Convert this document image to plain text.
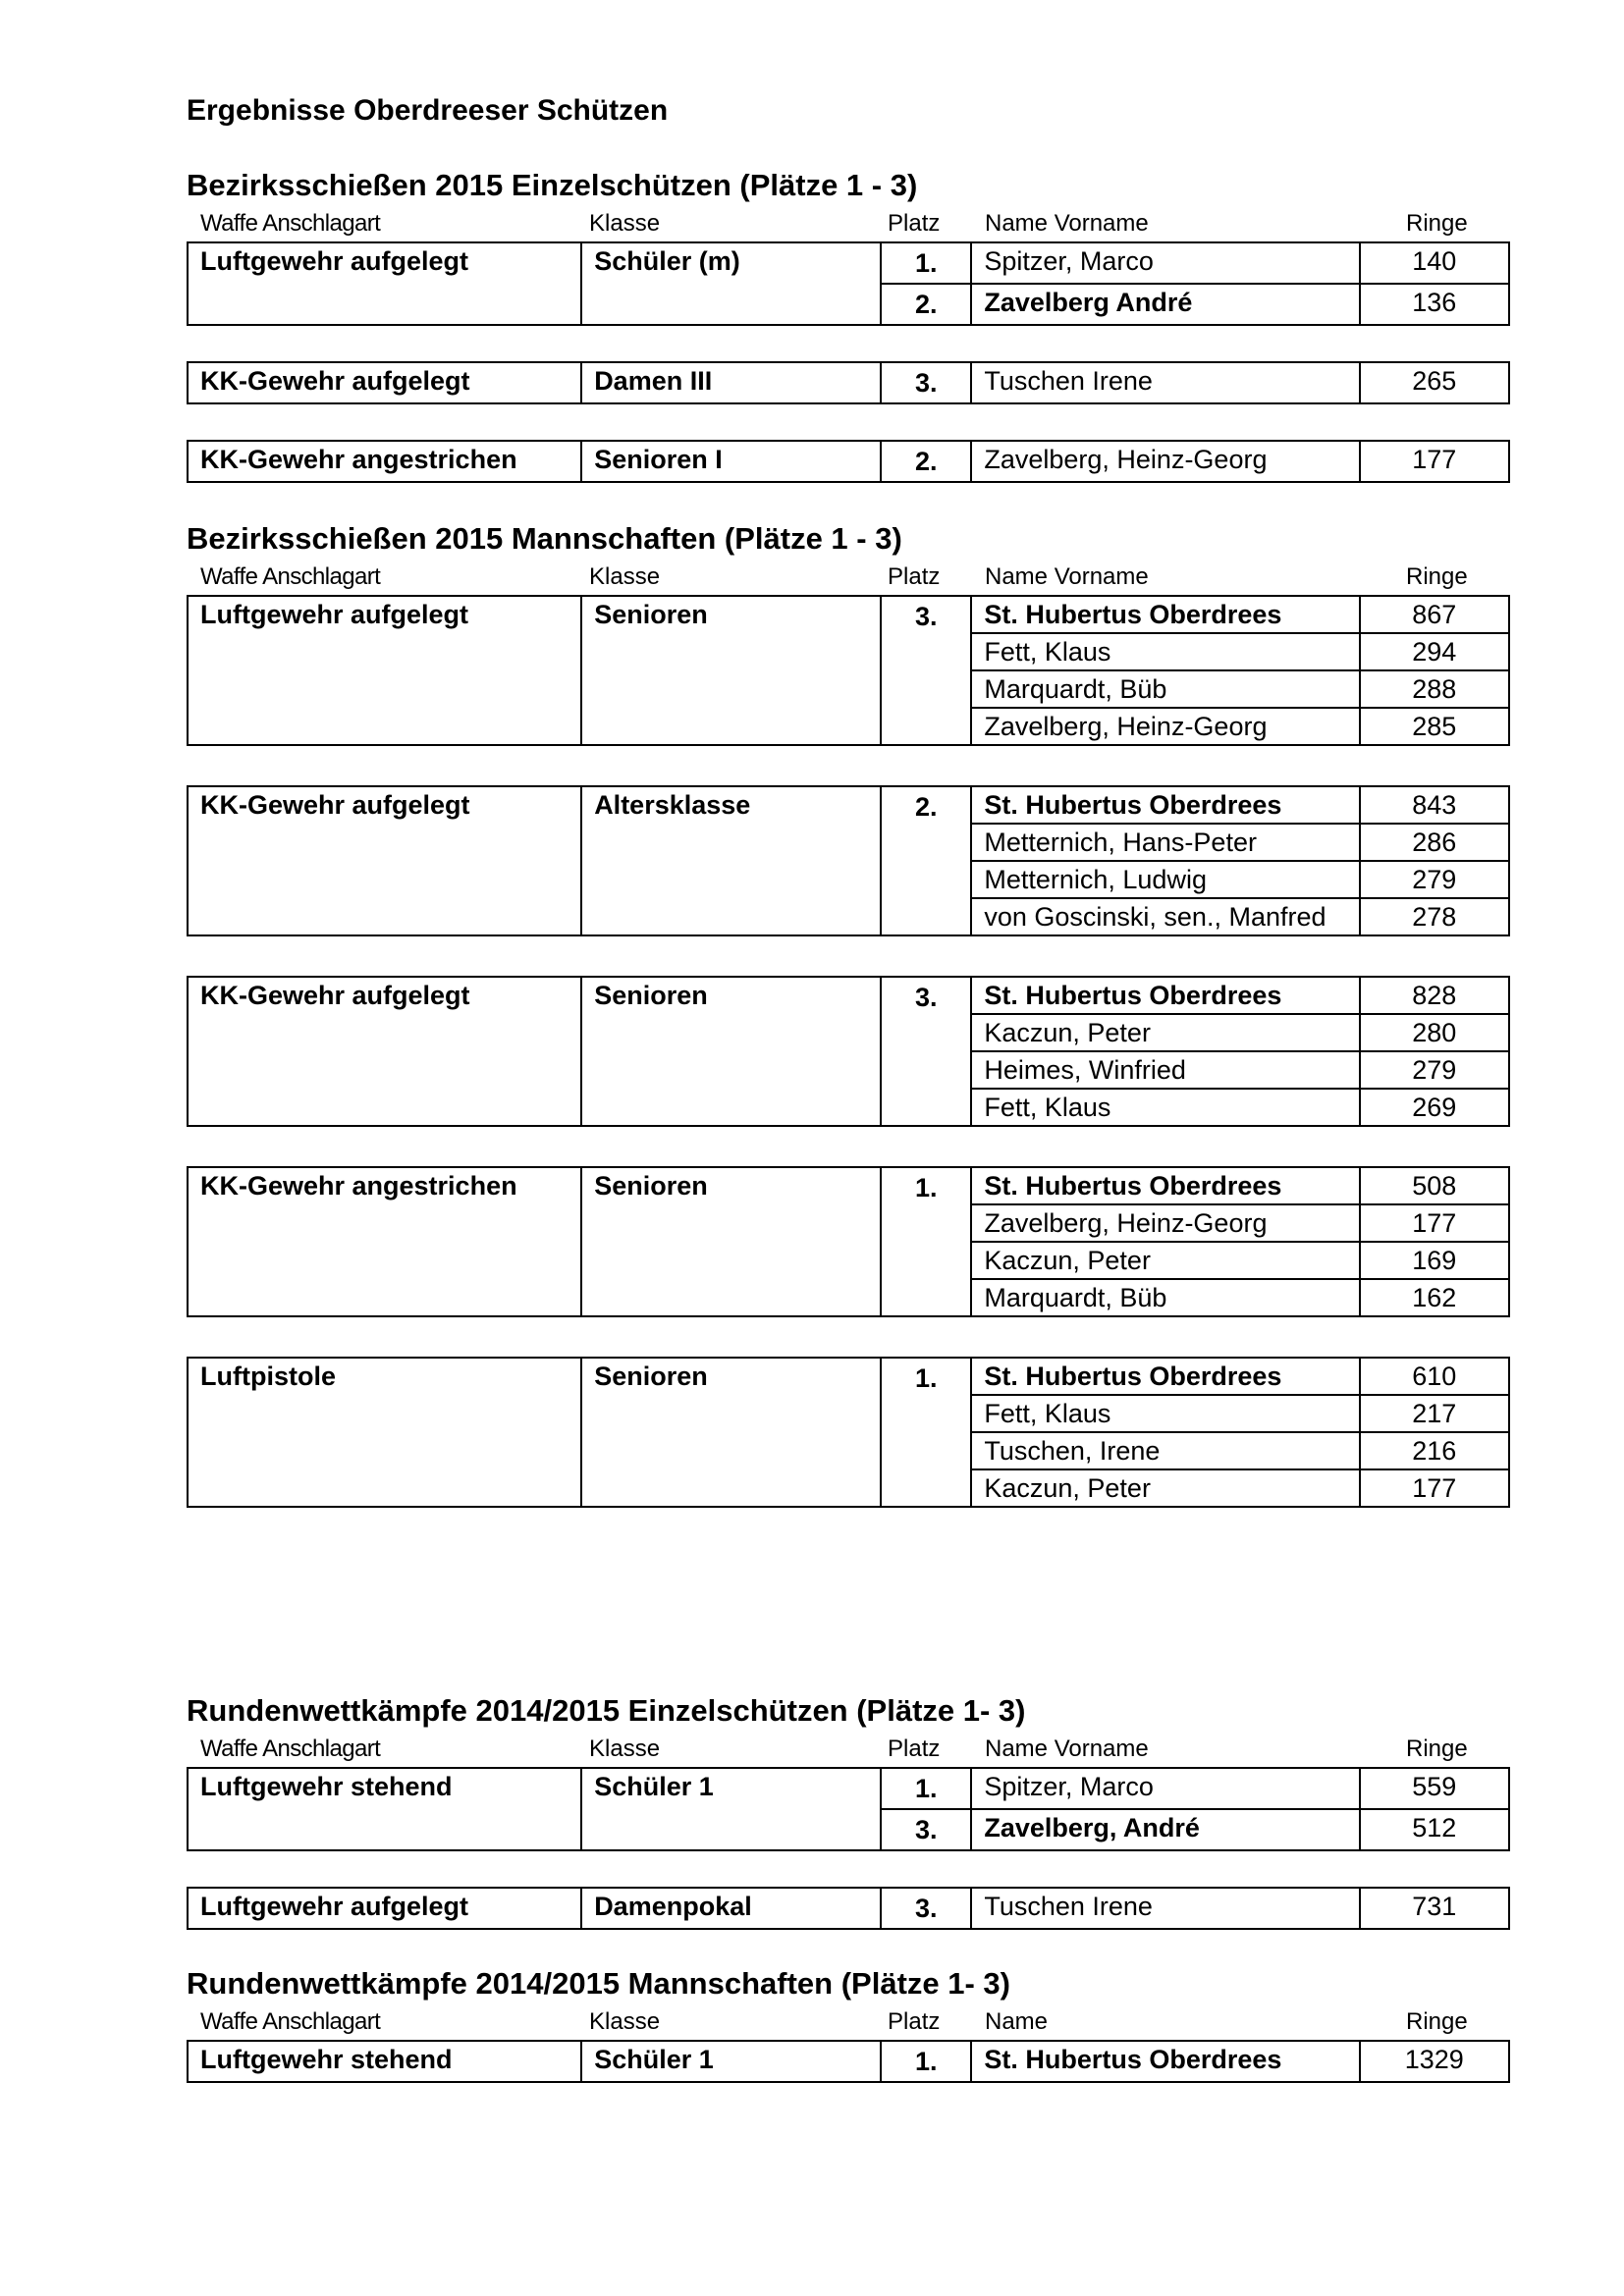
Ergebnisse Oberdreeser Schützen
Bezirksschießen 2015 Einzelschützen (Plätze 1 - 3)
Waffe Anschlagart	Klasse	Platz Name Vorname	Ringe
Luftgewehr aufgelegt	Schüler (m)	1.	Spitzer, Marco	140
		2.	Zavelberg André	136
KK-Gewehr aufgelegt	Damen III	3.	Tuschen Irene	265
KK-Gewehr angestrichen	Senioren I	2.	Zavelberg, Heinz-Georg	177
Bezirksschießen 2015 Mannschaften (Plätze 1 - 3)
Waffe Anschlagart	Klasse	Platz Name Vorname	Ringe
Luftgewehr aufgelegt	Senioren	3.	St. Hubertus Oberdrees	867
			Fett, Klaus	294
			Marquardt, Büb	288
			Zavelberg, Heinz-Georg	285
KK-Gewehr aufgelegt	Altersklasse	2.	St. Hubertus Oberdrees	843
			Metternich, Hans-Peter	286
			Metternich, Ludwig	279
			von Goscinski, sen., Manfred	278
KK-Gewehr aufgelegt	Senioren	3.	St. Hubertus Oberdrees	828
			Kaczun, Peter	280
			Heimes, Winfried	279
			Fett, Klaus	269
KK-Gewehr angestrichen	Senioren	1.	St. Hubertus Oberdrees	508
			Zavelberg, Heinz-Georg	177
			Kaczun, Peter	169
			Marquardt, Büb	162
Luftpistole	Senioren	1.	St. Hubertus Oberdrees	610
			Fett, Klaus	217
			Tuschen, Irene	216
			Kaczun, Peter	177
Rundenwettkämpfe 2014/2015 Einzelschützen (Plätze 1- 3)
Waffe Anschlagart	Klasse	Platz Name Vorname	Ringe
Luftgewehr stehend	Schüler 1	1.	Spitzer, Marco	559
		3.	Zavelberg, André	512
Luftgewehr aufgelegt	Damenpokal	3.	Tuschen Irene	731
Rundenwettkämpfe 2014/2015 Mannschaften (Plätze 1- 3)
Waffe Anschlagart	Klasse	Platz Name	Ringe
Luftgewehr stehend	Schüler 1	1.	St. Hubertus Oberdrees	1329
